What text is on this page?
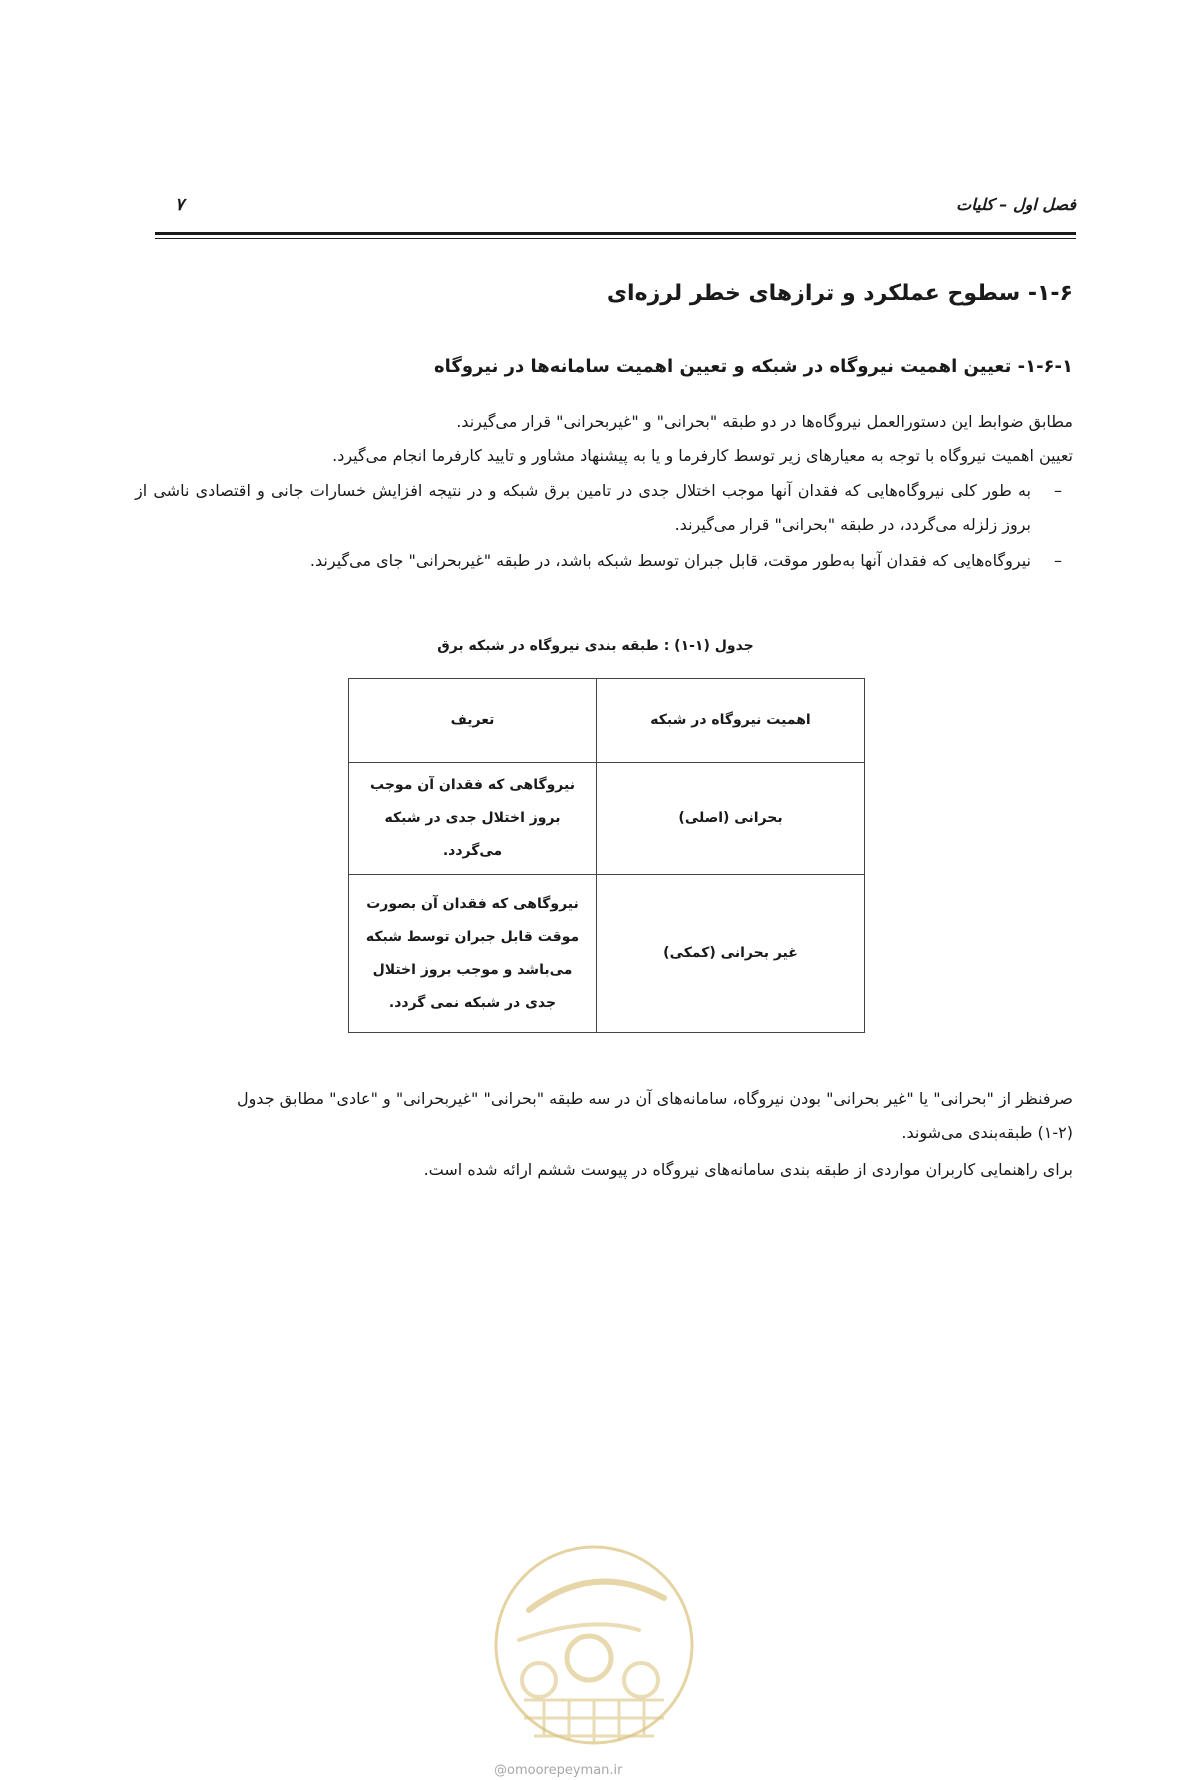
فصل اول – کلیات
۷
۱-۶- سطوح عملکرد و ترازهای خطر لرزه‌ای
۱-۶-۱- تعیین اهمیت نیروگاه در شبکه و تعیین اهمیت سامانه‌ها در نیروگاه
مطابق ضوابط این دستورالعمل نیروگاه‌ها در دو طبقه "بحرانی" و "غیربحرانی" قرار می‌گیرند.
تعیین اهمیت نیروگاه با توجه به معیارهای زیر توسط کارفرما و یا به پیشنهاد مشاور و تایید کارفرما انجام می‌گیرد.
–
به طور کلی نیروگاه‌هایی که فقدان آنها موجب اختلال جدی در تامین برق شبکه و در نتیجه افزایش خسارات جانی و اقتصادی ناشی از بروز زلزله می‌گردد، در طبقه "بحرانی" قرار می‌گیرند.
–
نیروگاه‌هایی که فقدان آنها به‌طور موقت، قابل جبران توسط شبکه باشد، در طبقه "غیربحرانی" جای می‌گیرند.
جدول (۱-۱) : طبقه بندی نیروگاه در شبکه برق
اهمیت نیروگاه در شبکه	تعریف
بحرانی (اصلی)	نیروگاهی که فقدان آن موجب بروز اختلال جدی در شبکه می‌گردد.
غیر بحرانی (کمکی)	نیروگاهی که فقدان آن بصورت موقت قابل جبران توسط شبکه می‌باشد و موجب بروز اختلال جدی در شبکه نمی گردد.
صرفنظر از "بحرانی" یا "غیر بحرانی" بودن نیروگاه، سامانه‌های آن در سه طبقه "بحرانی" "غیربحرانی" و "عادی" مطابق جدول
(۱-۲) طبقه‌بندی می‌شوند.
برای راهنمایی کاربران مواردی از طبقه بندی سامانه‌های نیروگاه در پیوست ششم ارائه شده است.
@omoorepeyman.ir
